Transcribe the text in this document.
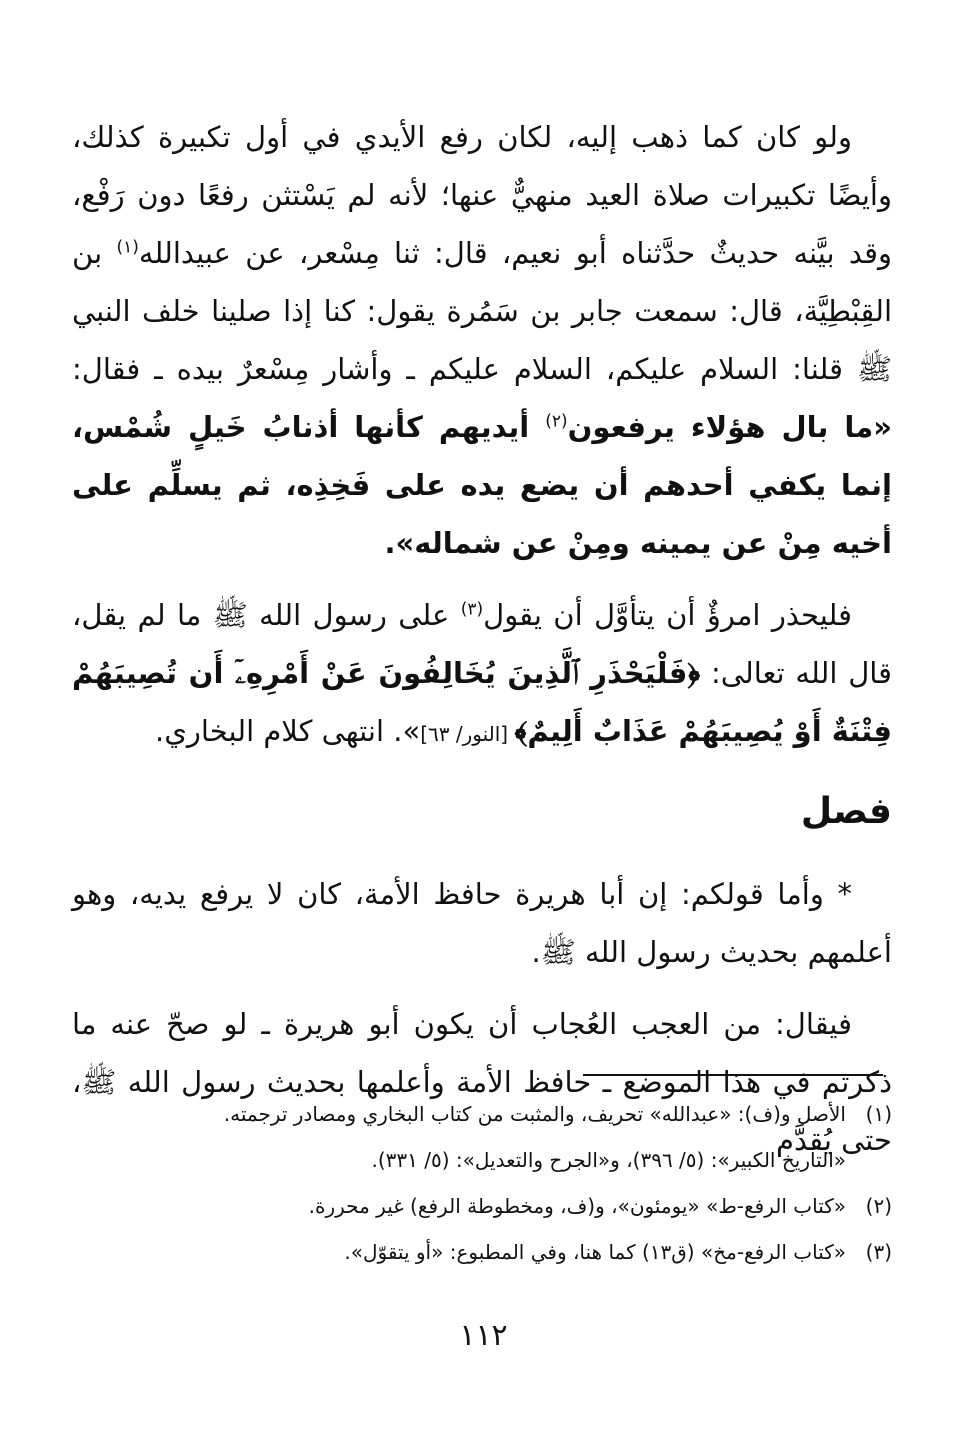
ولو كان كما ذهب إليه، لكان رفع الأيدي في أول تكبيرة كذلك، وأيضًا تكبيرات صلاة العيد منهيٌّ عنها؛ لأنه لم يَسْتثن رفعًا دون رَفْع، وقد بيَّنه حديثٌ حدَّثناه أبو نعيم، قال: ثنا مِسْعر، عن عبيدالله$^{(١)}$ بن القِبْطِيَّة، قال: سمعت جابر بن سَمُرة يقول: كنا إذا صلينا خلف النبي ﷺ قلنا: السلام عليكم، السلام عليكم ـ وأشار مِسْعرٌ بيده ـ فقال: «ما بال هؤلاء يرفعون$^{(٢)}$ أيديهم كأنها أذنابُ خَيلٍ شُمْس، إنما يكفي أحدهم أن يضع يده على فَخِذِه، ثم يسلِّم على أخيه مِنْ عن يمينه ومِنْ عن شماله».

فليحذر امرؤٌ أن يتأوَّل أن يقول$^{(٣)}$ على رسول الله ﷺ ما لم يقل، قال الله تعالى: ﴿فَلْيَحْذَرِ ٱلَّذِينَ يُخَالِفُونَ عَنْ أَمْرِهِۦٓ أَن تُصِيبَهُمْ فِتْنَةٌ أَوْ يُصِيبَهُمْ عَذَابٌ أَلِيمٌ﴾ [النور/ ٦٣]». انتهى كلام البخاري.

فصل

* وأما قولكم: إن أبا هريرة حافظ الأمة، كان لا يرفع يديه، وهو أعلمهم بحديث رسول الله ﷺ.

فيقال: من العجب العُجاب أن يكون أبو هريرة ـ لو صحّ عنه ما ذكرتم في هذا الموضع ـ حافظ الأمة وأعلمها بحديث رسول الله ﷺ، حتى يُقدَّم

(١)الأصل و(ف): «عبدالله» تحريف، والمثبت من كتاب البخاري ومصادر ترجمته.
«التاريخ الكبير»: (٥/ ٣٩٦)، و«الجرح والتعديل»: (٥/ ٣٣١).
(٢)«كتاب الرفع-ط» «يومئون»، و(ف، ومخطوطة الرفع) غير محررة.
(٣)«كتاب الرفع-مخ» (ق١٣) كما هنا، وفي المطبوع: «أو يتقوّل».
١١٢
